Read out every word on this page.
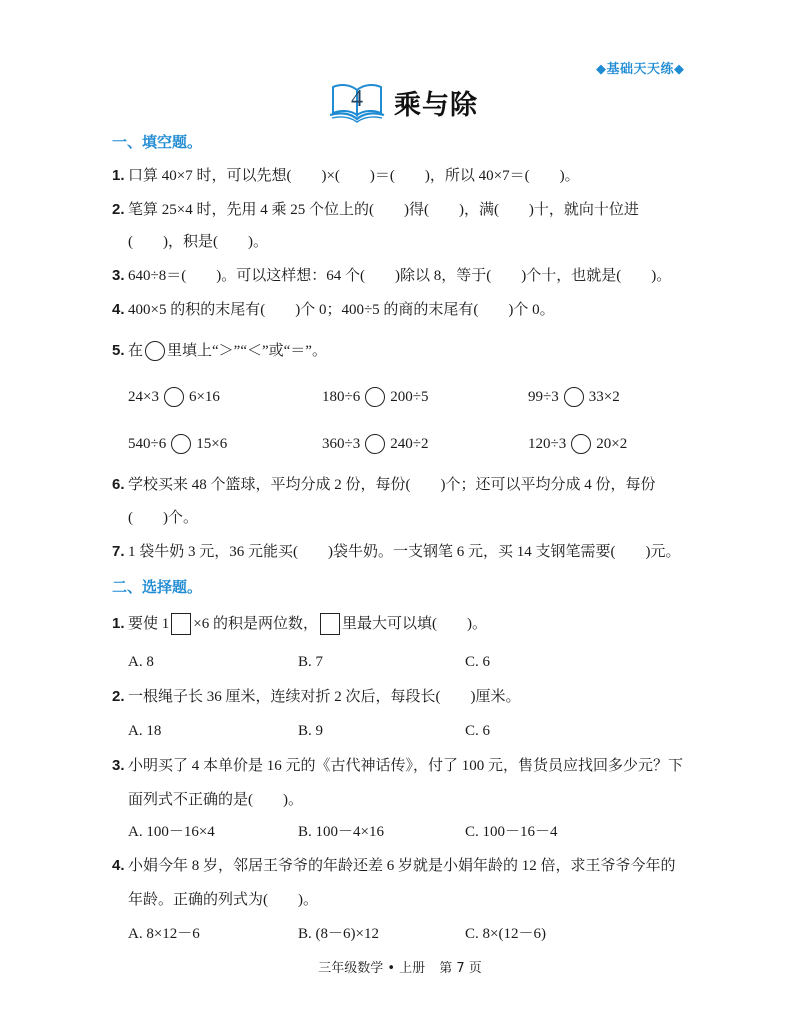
◆基础天天练◆
4	乘与除
一、填空题。
1. 口算 40×7 时，可以先想(　　)×(　　)＝(　　)，所以 40×7＝(　　)。
2. 笔算 25×4 时，先用 4 乘 25 个位上的(　　)得(　　)，满(　　)十，就向十位进
(　　)，积是(　　)。
3. 640÷8＝(　　)。可以这样想：64 个(　　)除以 8，等于(　　)个十，也就是(　　)。
4. 400×5 的积的末尾有(　　)个 0；400÷5 的商的末尾有(　　)个 0。
5. 在 里填上“＞”“＜”或“＝”。
24×3 6×16	180÷6 200÷5	99÷3 33×2
540÷6 15×6	360÷3 240÷2	120÷3 20×2
6. 学校买来 48 个篮球，平均分成 2 份，每份(　　)个；还可以平均分成 4 份，每份
(　　)个。
7. 1 袋牛奶 3 元，36 元能买(　　)袋牛奶。一支钢笔 6 元，买 14 支钢笔需要(　　)元。
二、选择题。
1. 要使 1 ×6 的积是两位数， 里最大可以填(　　)。
A. 8	B. 7	C. 6
2. 一根绳子长 36 厘米，连续对折 2 次后，每段长(　　)厘米。
A. 18	B. 9	C. 6
3. 小明买了 4 本单价是 16 元的《古代神话传》，付了 100 元，售货员应找回多少元？下
面列式不正确的是(　　)。
A. 100－16×4	B. 100－4×16	C. 100－16－4
4. 小娟今年 8 岁，邻居王爷爷的年龄还差 6 岁就是小娟年龄的 12 倍，求王爷爷今年的
年龄。正确的列式为(　　)。
A. 8×12－6	B. (8－6)×12	C. 8×(12－6)
三年级数学 • 上册 第 7 页
